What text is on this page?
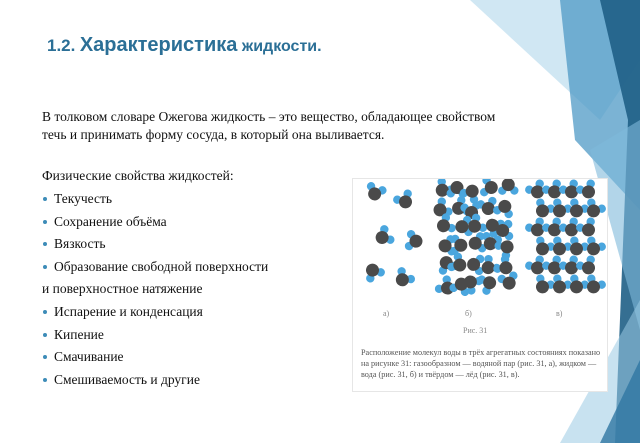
1.2. Характеристика жидкости.
В толковом словаре Ожегова жидкость – это вещество, обладающее свойством течь и принимать форму сосуда, в который она выливается.
Физические свойства жидкостей:
Текучесть
Сохранение объёма
Вязкость
Образование свободной поверхности
и поверхностное натяжение
Испарение и конденсация
Кипение
Смачивание
Смешиваемость и другие
а)	б)	в)
Рис. 31
Расположение молекул воды в трёх агрегатных состояниях показано на рисунке 31: газообразном — водяной пар (рис. 31, а), жидком — вода (рис. 31, б) и твёрдом — лёд (рис. 31, в).
